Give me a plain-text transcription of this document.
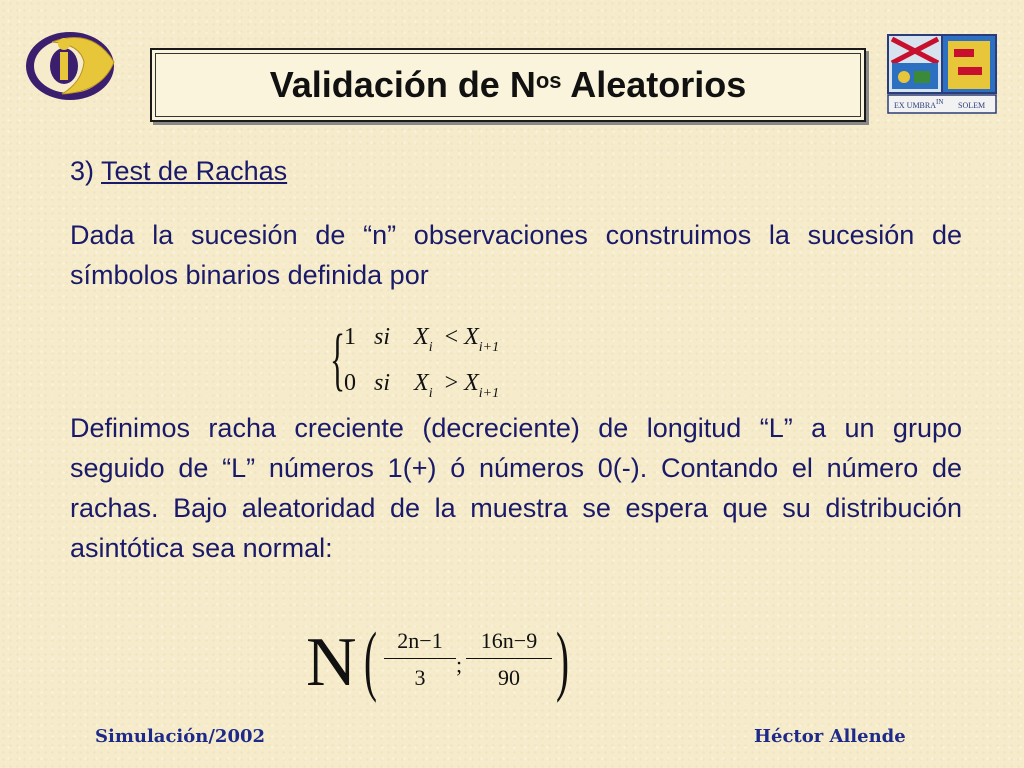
EX UMBRA IN SOLEM
Validación de $N^{os}$ Aleatorios
3) Test de Rachas

Dada la sucesión de “n” observaciones construimos la sucesión de símbolos binarios definida por

{
1 si $X_i < X_{i+1}$
0 si $X_i > X_{i+1}$

Definimos racha creciente (decreciente) de longitud “L” a un grupo seguido de “L” números 1(+) ó números 0(-). Contando el número de rachas. Bajo aleatoridad de la muestra se espera que su distribución asintótica sea normal:

N ( $\frac{2n-1}{3}$ ; $\frac{16n-9}{90}$ )
Simulación/2002	Héctor Allende
